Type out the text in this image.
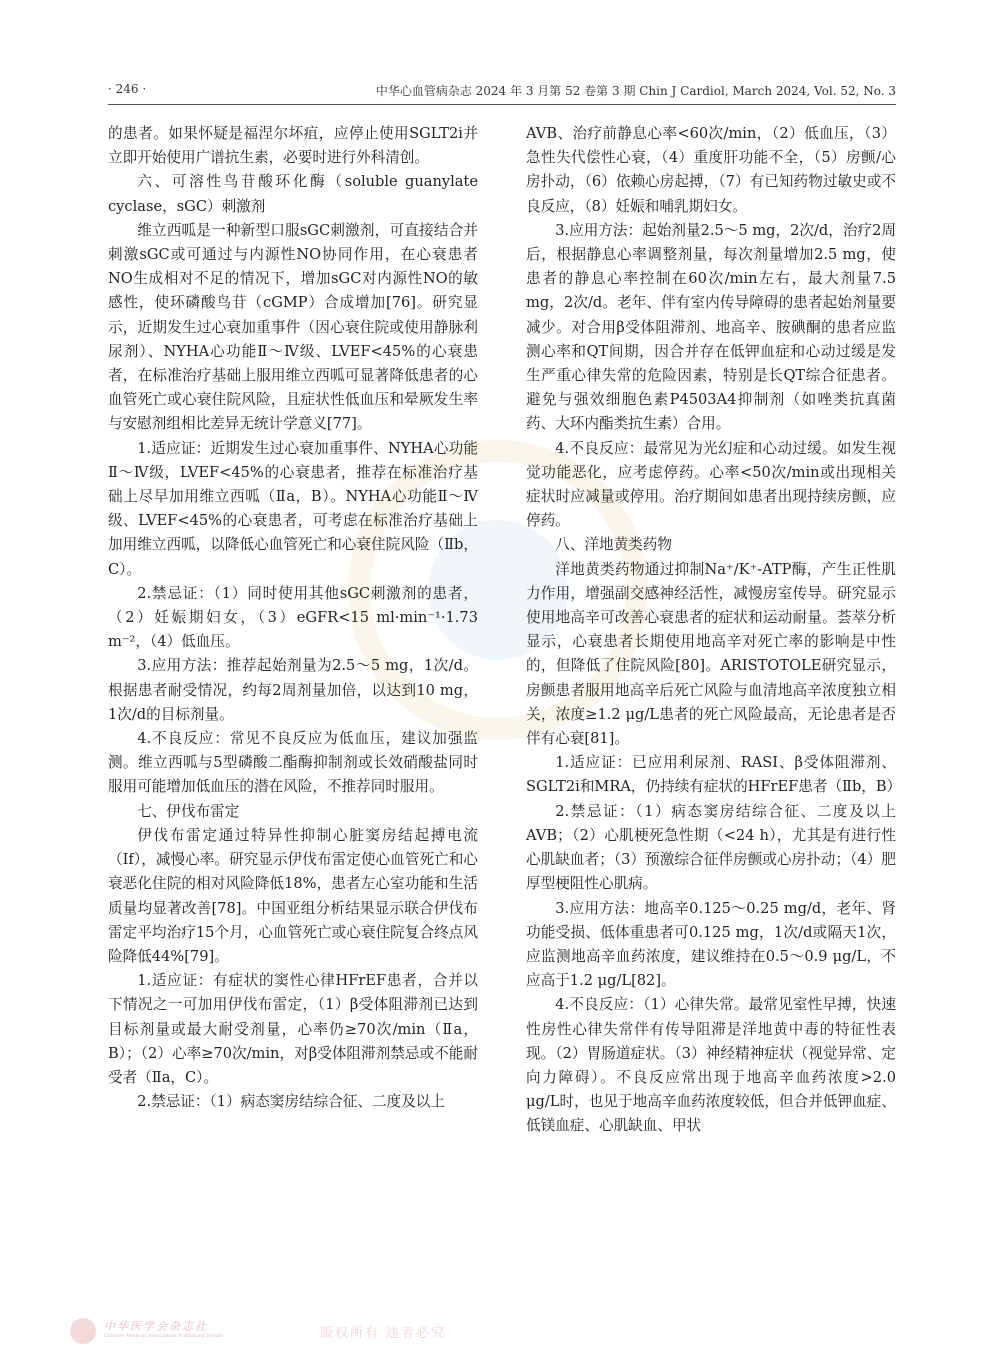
· 246 ·	中华心血管病杂志 2024 年 3 月第 52 卷第 3 期 Chin J Cardiol, March 2024, Vol. 52, No. 3

的患者。如果怀疑是福涅尔坏疽，应停止使用SGLT2i并立即开始使用广谱抗生素，必要时进行外科清创。

六、可溶性鸟苷酸环化酶（soluble guanylate cyclase，sGC）刺激剂

维立西呱是一种新型口服sGC刺激剂，可直接结合并刺激sGC或可通过与内源性NO协同作用，在心衰患者NO生成相对不足的情况下，增加sGC对内源性NO的敏感性，使环磷酸鸟苷（cGMP）合成增加[76]。研究显示，近期发生过心衰加重事件（因心衰住院或使用静脉利尿剂）、NYHA心功能Ⅱ～Ⅳ级、LVEF<45%的心衰患者，在标准治疗基础上服用维立西呱可显著降低患者的心血管死亡或心衰住院风险，且症状性低血压和晕厥发生率与安慰剂组相比差异无统计学意义[77]。

1.适应证：近期发生过心衰加重事件、NYHA心功能Ⅱ～Ⅳ级，LVEF<45%的心衰患者，推荐在标准治疗基础上尽早加用维立西呱（Ⅱa，B）。NYHA心功能Ⅱ～Ⅳ级、LVEF<45%的心衰患者，可考虑在标准治疗基础上加用维立西呱，以降低心血管死亡和心衰住院风险（Ⅱb，C）。

2.禁忌证：（1）同时使用其他sGC刺激剂的患者，（2）妊娠期妇女，（3）eGFR<15 ml·min⁻¹·1.73 m⁻²，（4）低血压。

3.应用方法：推荐起始剂量为2.5～5 mg，1次/d。根据患者耐受情况，约每2周剂量加倍，以达到10 mg，1次/d的目标剂量。

4.不良反应：常见不良反应为低血压，建议加强监测。维立西呱与5型磷酸二酯酶抑制剂或长效硝酸盐同时服用可能增加低血压的潜在风险，不推荐同时服用。

七、伊伐布雷定

伊伐布雷定通过特异性抑制心脏窦房结起搏电流（If），减慢心率。研究显示伊伐布雷定使心血管死亡和心衰恶化住院的相对风险降低18%，患者左心室功能和生活质量均显著改善[78]。中国亚组分析结果显示联合伊伐布雷定平均治疗15个月，心血管死亡或心衰住院复合终点风险降低44%[79]。

1.适应证：有症状的窦性心律HFrEF患者，合并以下情况之一可加用伊伐布雷定，（1）β受体阻滞剂已达到目标剂量或最大耐受剂量，心率仍≥70次/min（Ⅱa，B）；（2）心率≥70次/min，对β受体阻滞剂禁忌或不能耐受者（Ⅱa，C）。

2.禁忌证：（1）病态窦房结综合征、二度及以上

AVB、治疗前静息心率<60次/min，（2）低血压，（3）急性失代偿性心衰，（4）重度肝功能不全，（5）房颤/心房扑动，（6）依赖心房起搏，（7）有已知药物过敏史或不良反应，（8）妊娠和哺乳期妇女。

3.应用方法：起始剂量2.5～5 mg，2次/d，治疗2周后，根据静息心率调整剂量，每次剂量增加2.5 mg，使患者的静息心率控制在60次/min左右，最大剂量7.5 mg，2次/d。老年、伴有室内传导障碍的患者起始剂量要减少。对合用β受体阻滞剂、地高辛、胺碘酮的患者应监测心率和QT间期，因合并存在低钾血症和心动过缓是发生严重心律失常的危险因素，特别是长QT综合征患者。避免与强效细胞色素P4503A4抑制剂（如唑类抗真菌药、大环内酯类抗生素）合用。

4.不良反应：最常见为光幻症和心动过缓。如发生视觉功能恶化，应考虑停药。心率<50次/min或出现相关症状时应减量或停用。治疗期间如患者出现持续房颤，应停药。

八、洋地黄类药物

洋地黄类药物通过抑制Na⁺/K⁺-ATP酶，产生正性肌力作用，增强副交感神经活性，减慢房室传导。研究显示使用地高辛可改善心衰患者的症状和运动耐量。荟萃分析显示，心衰患者长期使用地高辛对死亡率的影响是中性的，但降低了住院风险[80]。ARISTOTOLE研究显示，房颤患者服用地高辛后死亡风险与血清地高辛浓度独立相关，浓度≥1.2 μg/L患者的死亡风险最高，无论患者是否伴有心衰[81]。

1.适应证：已应用利尿剂、RASI、β受体阻滞剂、SGLT2i和MRA，仍持续有症状的HFrEF患者（Ⅱb，B）

2.禁忌证：（1）病态窦房结综合征、二度及以上AVB；（2）心肌梗死急性期（<24 h），尤其是有进行性心肌缺血者；（3）预激综合征伴房颤或心房扑动；（4）肥厚型梗阻性心肌病。

3.应用方法：地高辛0.125～0.25 mg/d，老年、肾功能受损、低体重患者可0.125 mg，1次/d或隔天1次，应监测地高辛血药浓度，建议维持在0.5～0.9 μg/L，不应高于1.2 μg/L[82]。

4.不良反应：（1）心律失常。最常见室性早搏，快速性房性心律失常伴有传导阻滞是洋地黄中毒的特征性表现。（2）胃肠道症状。（3）神经精神症状（视觉异常、定向力障碍）。不良反应常出现于地高辛血药浓度>2.0 μg/L时，也见于地高辛血药浓度较低，但合并低钾血症、低镁血症、心肌缺血、甲状

中华医学会杂志社
Chinese Medical Association Publishing House	版权所有 违者必究
